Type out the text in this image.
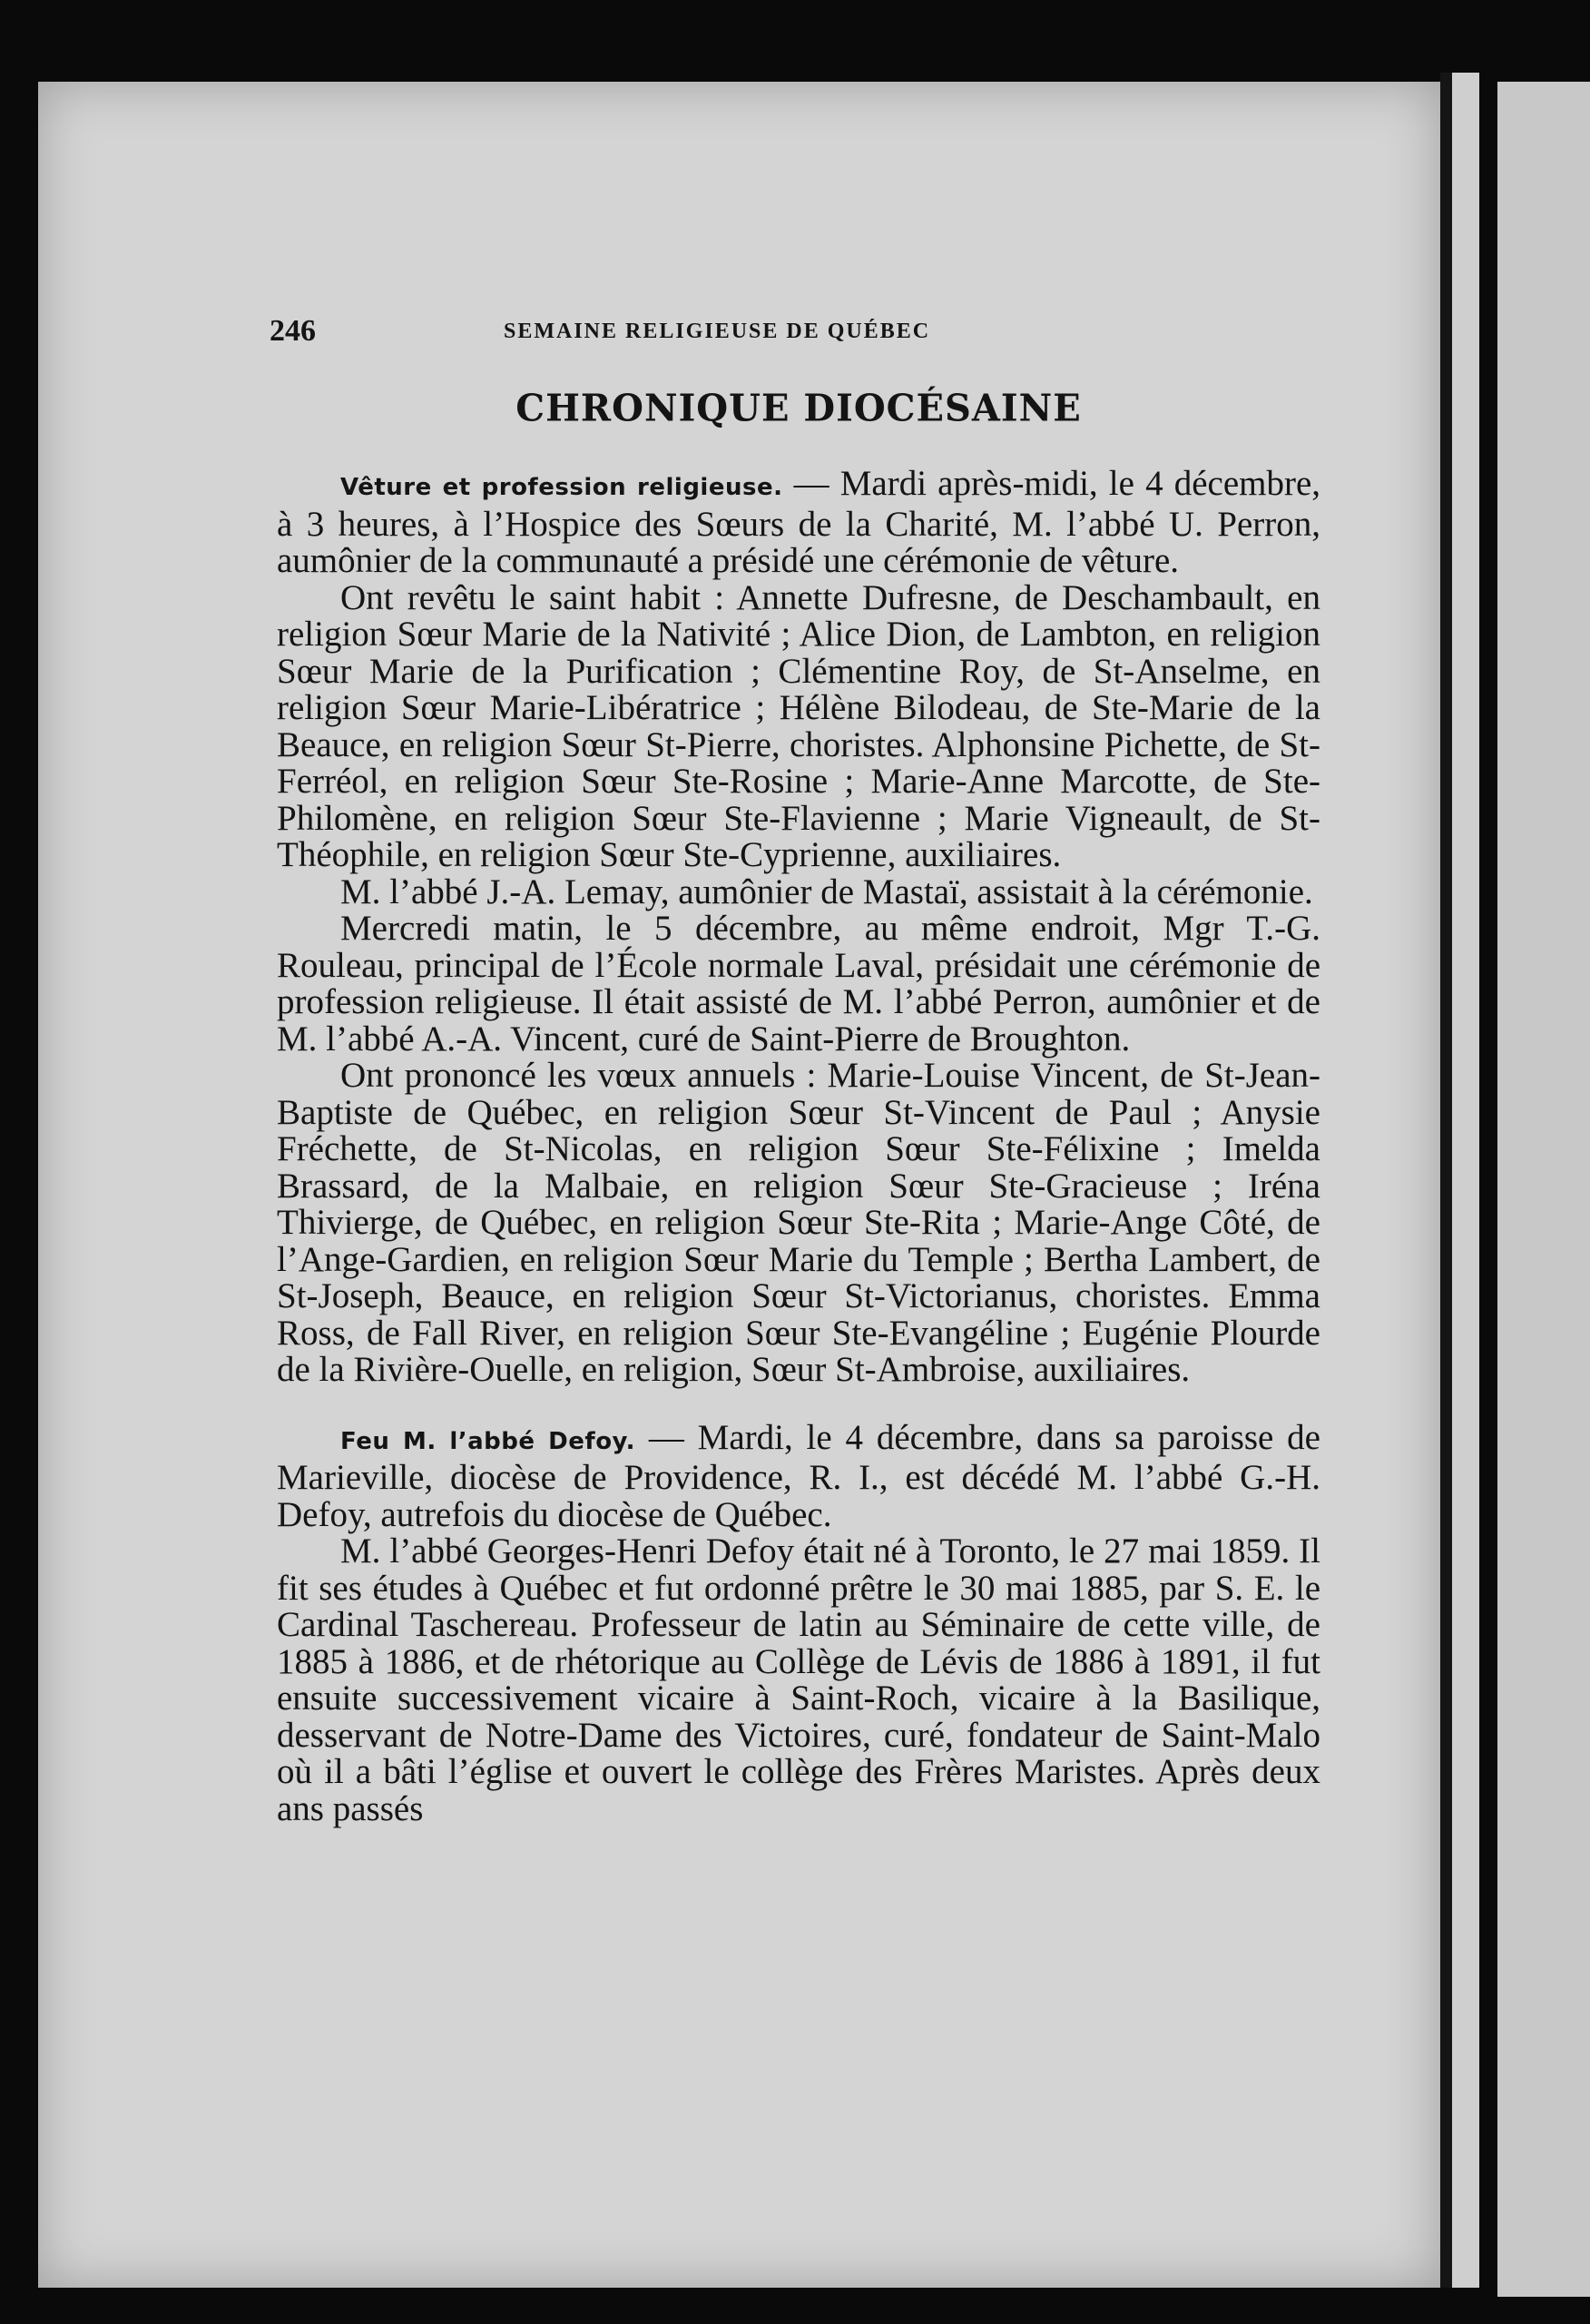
246	SEMAINE RELIGIEUSE DE QUÉBEC
CHRONIQUE DIOCÉSAINE

Vêture et profession religieuse. — Mardi après-midi, le 4 décembre, à 3 heures, à l’Hospice des Sœurs de la Charité, M. l’abbé U. Perron, aumônier de la communauté a présidé une cérémonie de vêture.

Ont revêtu le saint habit : Annette Dufresne, de Deschambault, en religion Sœur Marie de la Nativité ; Alice Dion, de Lambton, en religion Sœur Marie de la Purification ; Clémentine Roy, de St-Anselme, en religion Sœur Marie-Libératrice ; Hélène Bilodeau, de Ste-Marie de la Beauce, en religion Sœur St-Pierre, choristes. Alphonsine Pichette, de St-Ferréol, en religion Sœur Ste-Rosine ; Marie-Anne Marcotte, de Ste-Philomène, en religion Sœur Ste-Flavienne ; Marie Vigneault, de St-Théophile, en religion Sœur Ste-Cyprienne, auxiliaires.

M. l’abbé J.-A. Lemay, aumônier de Mastaï, assistait à la cérémonie.

Mercredi matin, le 5 décembre, au même endroit, Mgr T.-G. Rouleau, principal de l’École normale Laval, présidait une cérémonie de profession religieuse. Il était assisté de M. l’abbé Perron, aumônier et de M. l’abbé A.-A. Vincent, curé de Saint-Pierre de Broughton.

Ont prononcé les vœux annuels : Marie-Louise Vincent, de St-Jean-Baptiste de Québec, en religion Sœur St-Vincent de Paul ; Anysie Fréchette, de St-Nicolas, en religion Sœur Ste-Félixine ; Imelda Brassard, de la Malbaie, en religion Sœur Ste-Gracieuse ; Iréna Thivierge, de Québec, en religion Sœur Ste-Rita ; Marie-Ange Côté, de l’Ange-Gardien, en religion Sœur Marie du Temple ; Bertha Lambert, de St-Joseph, Beauce, en religion Sœur St-Victorianus, choristes. Emma Ross, de Fall River, en religion Sœur Ste-Evangéline ; Eugénie Plourde de la Rivière-Ouelle, en religion, Sœur St-Ambroise, auxiliaires.

Feu M. l’abbé Defoy. — Mardi, le 4 décembre, dans sa paroisse de Marieville, diocèse de Providence, R. I., est décédé M. l’abbé G.-H. Defoy, autrefois du diocèse de Québec.

M. l’abbé Georges-Henri Defoy était né à Toronto, le 27 mai 1859. Il fit ses études à Québec et fut ordonné prêtre le 30 mai 1885, par S. E. le Cardinal Taschereau. Professeur de latin au Séminaire de cette ville, de 1885 à 1886, et de rhétorique au Collège de Lévis de 1886 à 1891, il fut ensuite successivement vicaire à Saint-Roch, vicaire à la Basilique, desservant de Notre-Dame des Victoires, curé, fondateur de Saint-Malo où il a bâti l’église et ouvert le collège des Frères Maristes. Après deux ans passés
